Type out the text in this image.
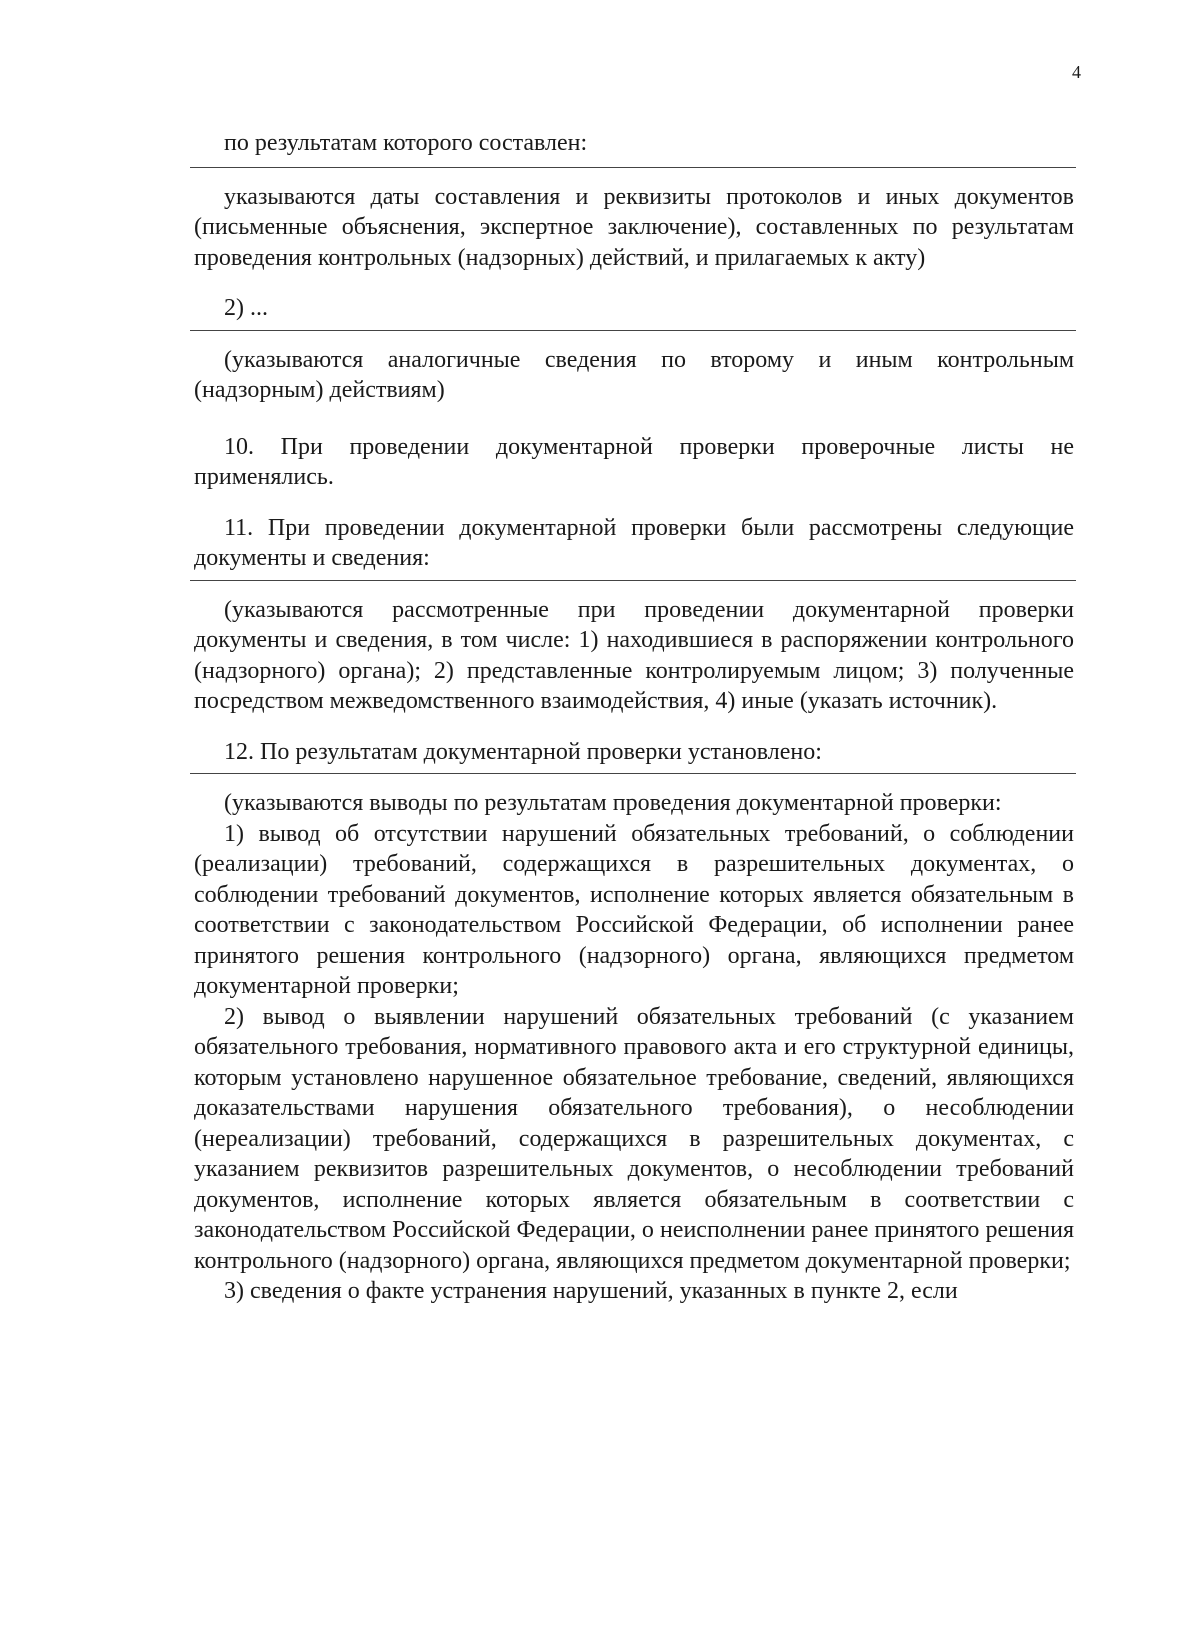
4

по результатам которого составлен:

указываются даты составления и реквизиты протоколов и иных документов (письменные объяснения, экспертное заключение), составленных по результатам проведения контрольных (надзорных) действий, и прилагаемых к акту)

2) ...

(указываются аналогичные сведения по второму и иным контрольным (надзорным) действиям)

10. При проведении документарной проверки проверочные листы не применялись.

11. При проведении документарной проверки были рассмотрены следующие документы и сведения:

(указываются рассмотренные при проведении документарной проверки документы и сведения, в том числе: 1) находившиеся в распоряжении контрольного (надзорного) органа); 2) представленные контролируемым лицом; 3) полученные посредством межведомственного взаимодействия, 4) иные (указать источник).

12. По результатам документарной проверки установлено:

(указываются выводы по результатам проведения документарной проверки:

1) вывод об отсутствии нарушений обязательных требований, о соблюдении (реализации) требований, содержащихся в разрешительных документах, о соблюдении требований документов, исполнение которых является обязательным в соответствии с законодательством Российской Федерации, об исполнении ранее принятого решения контрольного (надзорного) органа, являющихся предметом документарной проверки;

2) вывод о выявлении нарушений обязательных требований (с указанием обязательного требования, нормативного правового акта и его структурной единицы, которым установлено нарушенное обязательное требование, сведений, являющихся доказательствами нарушения обязательного требования), о несоблюдении (нереализации) требований, содержащихся в разрешительных документах, с указанием реквизитов разрешительных документов, о несоблюдении требований документов, исполнение которых является обязательным в соответствии с законодательством Российской Федерации, о неисполнении ранее принятого решения контрольного (надзорного) органа, являющихся предметом документарной проверки;

3) сведения о факте устранения нарушений, указанных в пункте 2, если
